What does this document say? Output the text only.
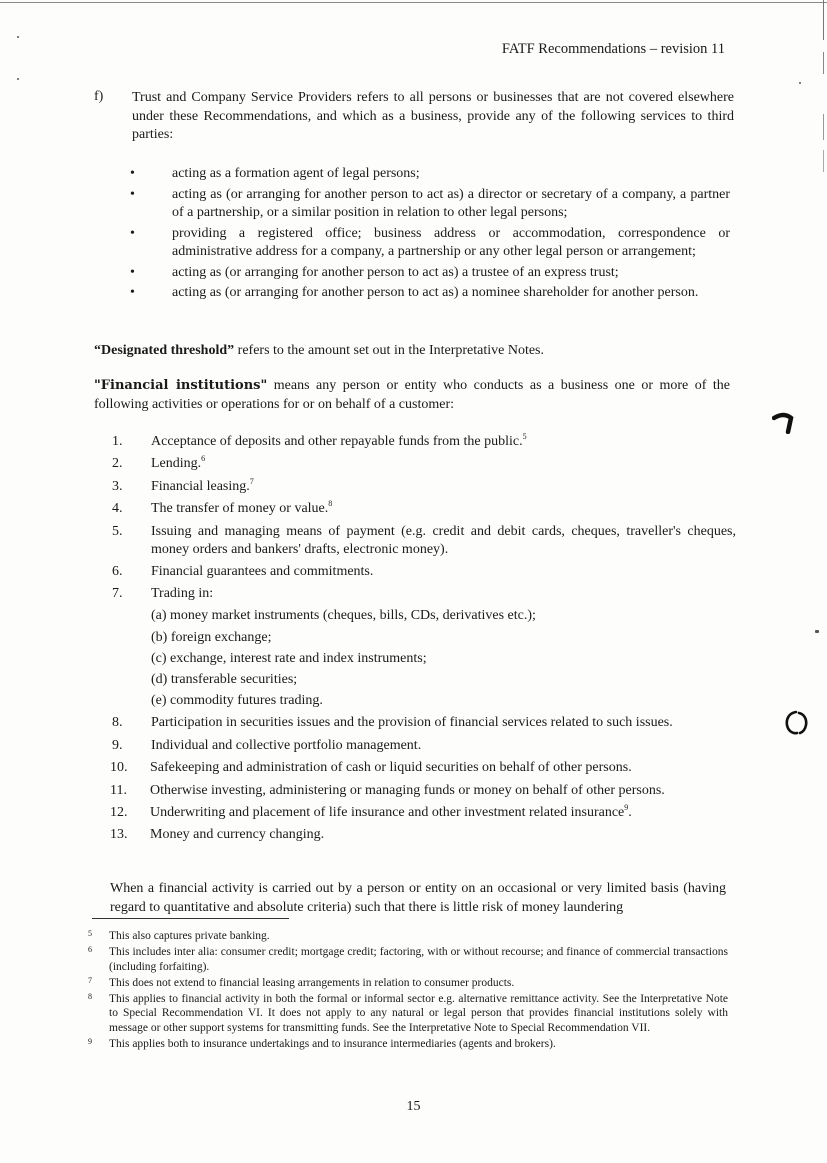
FATF Recommendations – revision 11
f) Trust and Company Service Providers refers to all persons or businesses that are not covered elsewhere under these Recommendations, and which as a business, provide any of the following services to third parties:

•	acting as a formation agent of legal persons;
•	acting as (or arranging for another person to act as) a director or secretary of a company, a partner of a partnership, or a similar position in relation to other legal persons;
•	providing a registered office; business address or accommodation, correspondence or administrative address for a company, a partnership or any other legal person or arrangement;
•	acting as (or arranging for another person to act as) a trustee of an express trust;
•	acting as (or arranging for another person to act as) a nominee shareholder for another person.
“Designated threshold” refers to the amount set out in the Interpretative Notes.
"Financial institutions" means any person or entity who conducts as a business one or more of the following activities or operations for or on behalf of a customer:
1. Acceptance of deposits and other repayable funds from the public.$^5$
2. Lending.$^6$
3. Financial leasing.$^7$
4. The transfer of money or value.$^8$
5. Issuing and managing means of payment (e.g. credit and debit cards, cheques, traveller's cheques, money orders and bankers' drafts, electronic money).
6. Financial guarantees and commitments.
7. Trading in:
(a) money market instruments (cheques, bills, CDs, derivatives etc.);
(b) foreign exchange;
(c) exchange, interest rate and index instruments;
(d) transferable securities;
(e) commodity futures trading.
8. Participation in securities issues and the provision of financial services related to such issues.
9. Individual and collective portfolio management.
10. Safekeeping and administration of cash or liquid securities on behalf of other persons.
11. Otherwise investing, administering or managing funds or money on behalf of other persons.
12. Underwriting and placement of life insurance and other investment related insurance$^9$.
13. Money and currency changing.

When a financial activity is carried out by a person or entity on an occasional or very limited basis (having regard to quantitative and absolute criteria) such that there is little risk of money laundering

5 This also captures private banking.
6 This includes inter alia: consumer credit; mortgage credit; factoring, with or without recourse; and finance of commercial transactions (including forfaiting).
7 This does not extend to financial leasing arrangements in relation to consumer products.
8 This applies to financial activity in both the formal or informal sector e.g. alternative remittance activity. See the Interpretative Note to Special Recommendation VI. It does not apply to any natural or legal person that provides financial institutions solely with message or other support systems for transmitting funds. See the Interpretative Note to Special Recommendation VII.
9 This applies both to insurance undertakings and to insurance intermediaries (agents and brokers).
15
